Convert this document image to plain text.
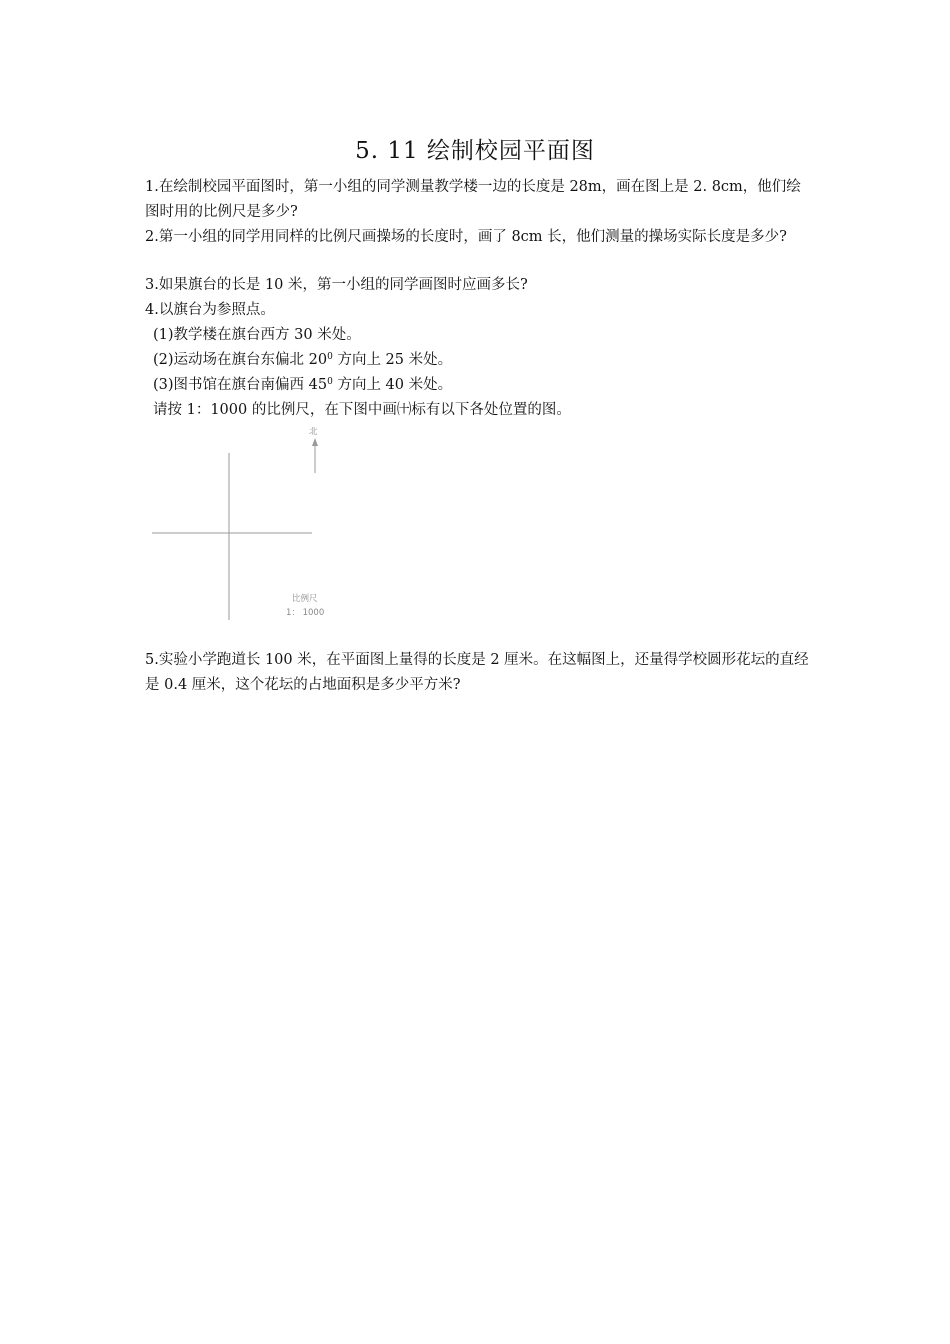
5. 11 绘制校园平面图
1.在绘制校园平面图时，第一小组的同学测量教学楼一边的长度是 28m，画在图上是 2. 8cm，他们绘图时用的比例尺是多少?
2.第一小组的同学用同样的比例尺画操场的长度时，画了 8cm 长，他们测量的操场实际长度是多少?
3.如果旗台的长是 10 米，第一小组的同学画图时应画多长?
4.以旗台为参照点。
(1)教学楼在旗台西方 30 米处。
(2)运动场在旗台东偏北 $20^0$ 方向上 25 米处。
(3)图书馆在旗台南偏西 $45^0$ 方向上 40 米处。
请按 1：1000 的比例尺，在下图中画㈩标有以下各处位置的图。
北
比例尺
1： 1000
5.实验小学跑道长 100 米，在平面图上量得的长度是 2 厘米。在这幅图上，还量得学校圆形花坛的直经是 0.4 厘米，这个花坛的占地面积是多少平方米?
